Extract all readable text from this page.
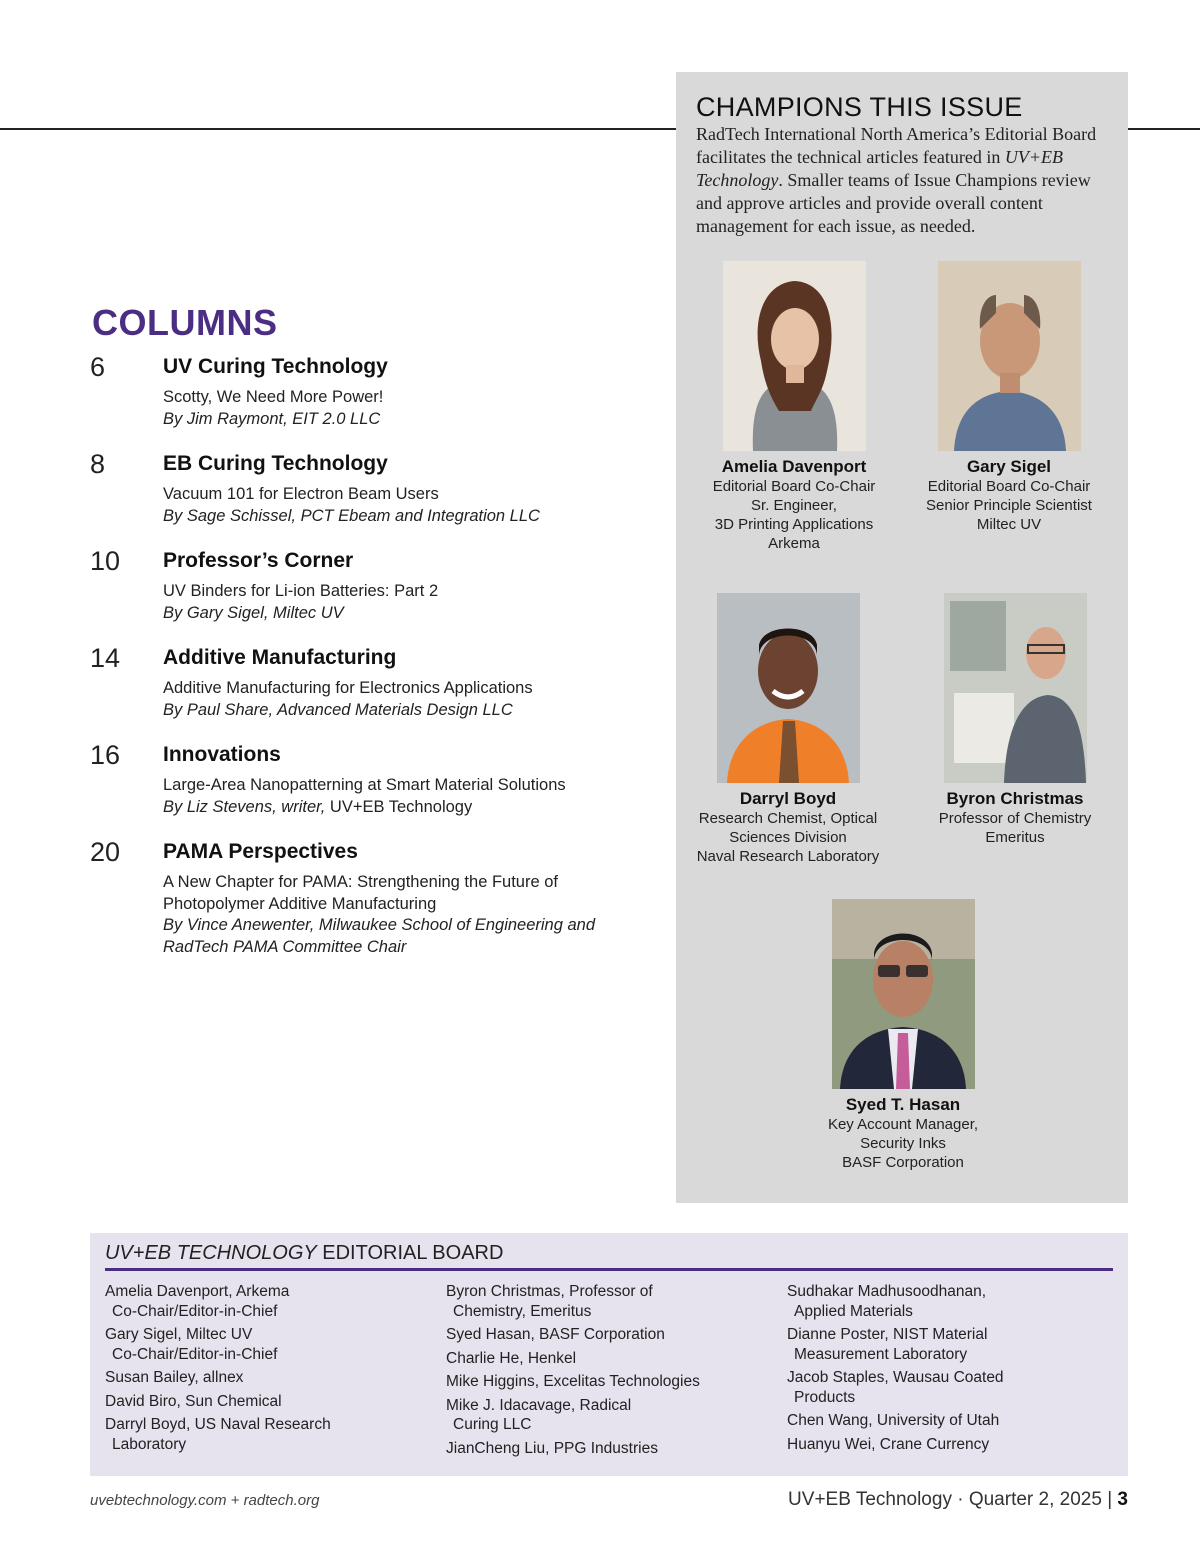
CHAMPIONS THIS ISSUE
RadTech International North America’s Editorial Board facilitates the technical articles featured in UV+EB Technology. Smaller teams of Issue Champions review and approve articles and provide overall content management for each issue, as needed.
Amelia Davenport
Editorial Board Co-Chair
Sr. Engineer,
3D Printing Applications
Arkema
Gary Sigel
Editorial Board Co-Chair
Senior Principle Scientist
Miltec UV
Darryl Boyd
Research Chemist, Optical
Sciences Division
Naval Research Laboratory
Byron Christmas
Professor of Chemistry
Emeritus
Syed T. Hasan
Key Account Manager,
Security Inks
BASF Corporation
COLUMNS
6	UV Curing Technology
Scotty, We Need More Power!
By Jim Raymont, EIT 2.0 LLC
8	EB Curing Technology
Vacuum 101 for Electron Beam Users
By Sage Schissel, PCT Ebeam and Integration LLC
10 Professor’s Corner
UV Binders for Li-ion Batteries: Part 2
By Gary Sigel, Miltec UV
14 Additive Manufacturing
Additive Manufacturing for Electronics Applications
By Paul Share, Advanced Materials Design LLC
16 Innovations
Large-Area Nanopatterning at Smart Material Solutions
By Liz Stevens, writer, UV+EB Technology
20 PAMA Perspectives
A New Chapter for PAMA: Strengthening the Future of Photopolymer Additive Manufacturing
By Vince Anewenter, Milwaukee School of Engineering and RadTech PAMA Committee Chair
UV+EB TECHNOLOGY EDITORIAL BOARD
Amelia Davenport, Arkema
Co-Chair/Editor-in-Chief
Gary Sigel, Miltec UV
Co-Chair/Editor-in-Chief
Susan Bailey, allnex
David Biro, Sun Chemical
Darryl Boyd, US Naval Research
Laboratory
Byron Christmas, Professor of
Chemistry, Emeritus
Syed Hasan, BASF Corporation
Charlie He, Henkel
Mike Higgins, Excelitas Technologies
Mike J. Idacavage, Radical
Curing LLC
JianCheng Liu, PPG Industries
Sudhakar Madhusoodhanan,
Applied Materials
Dianne Poster, NIST Material
Measurement Laboratory
Jacob Staples, Wausau Coated
Products
Chen Wang, University of Utah
Huanyu Wei, Crane Currency
uvebtechnology.com + radtech.org	UV+EB Technology · Quarter 2, 2025 | 3
